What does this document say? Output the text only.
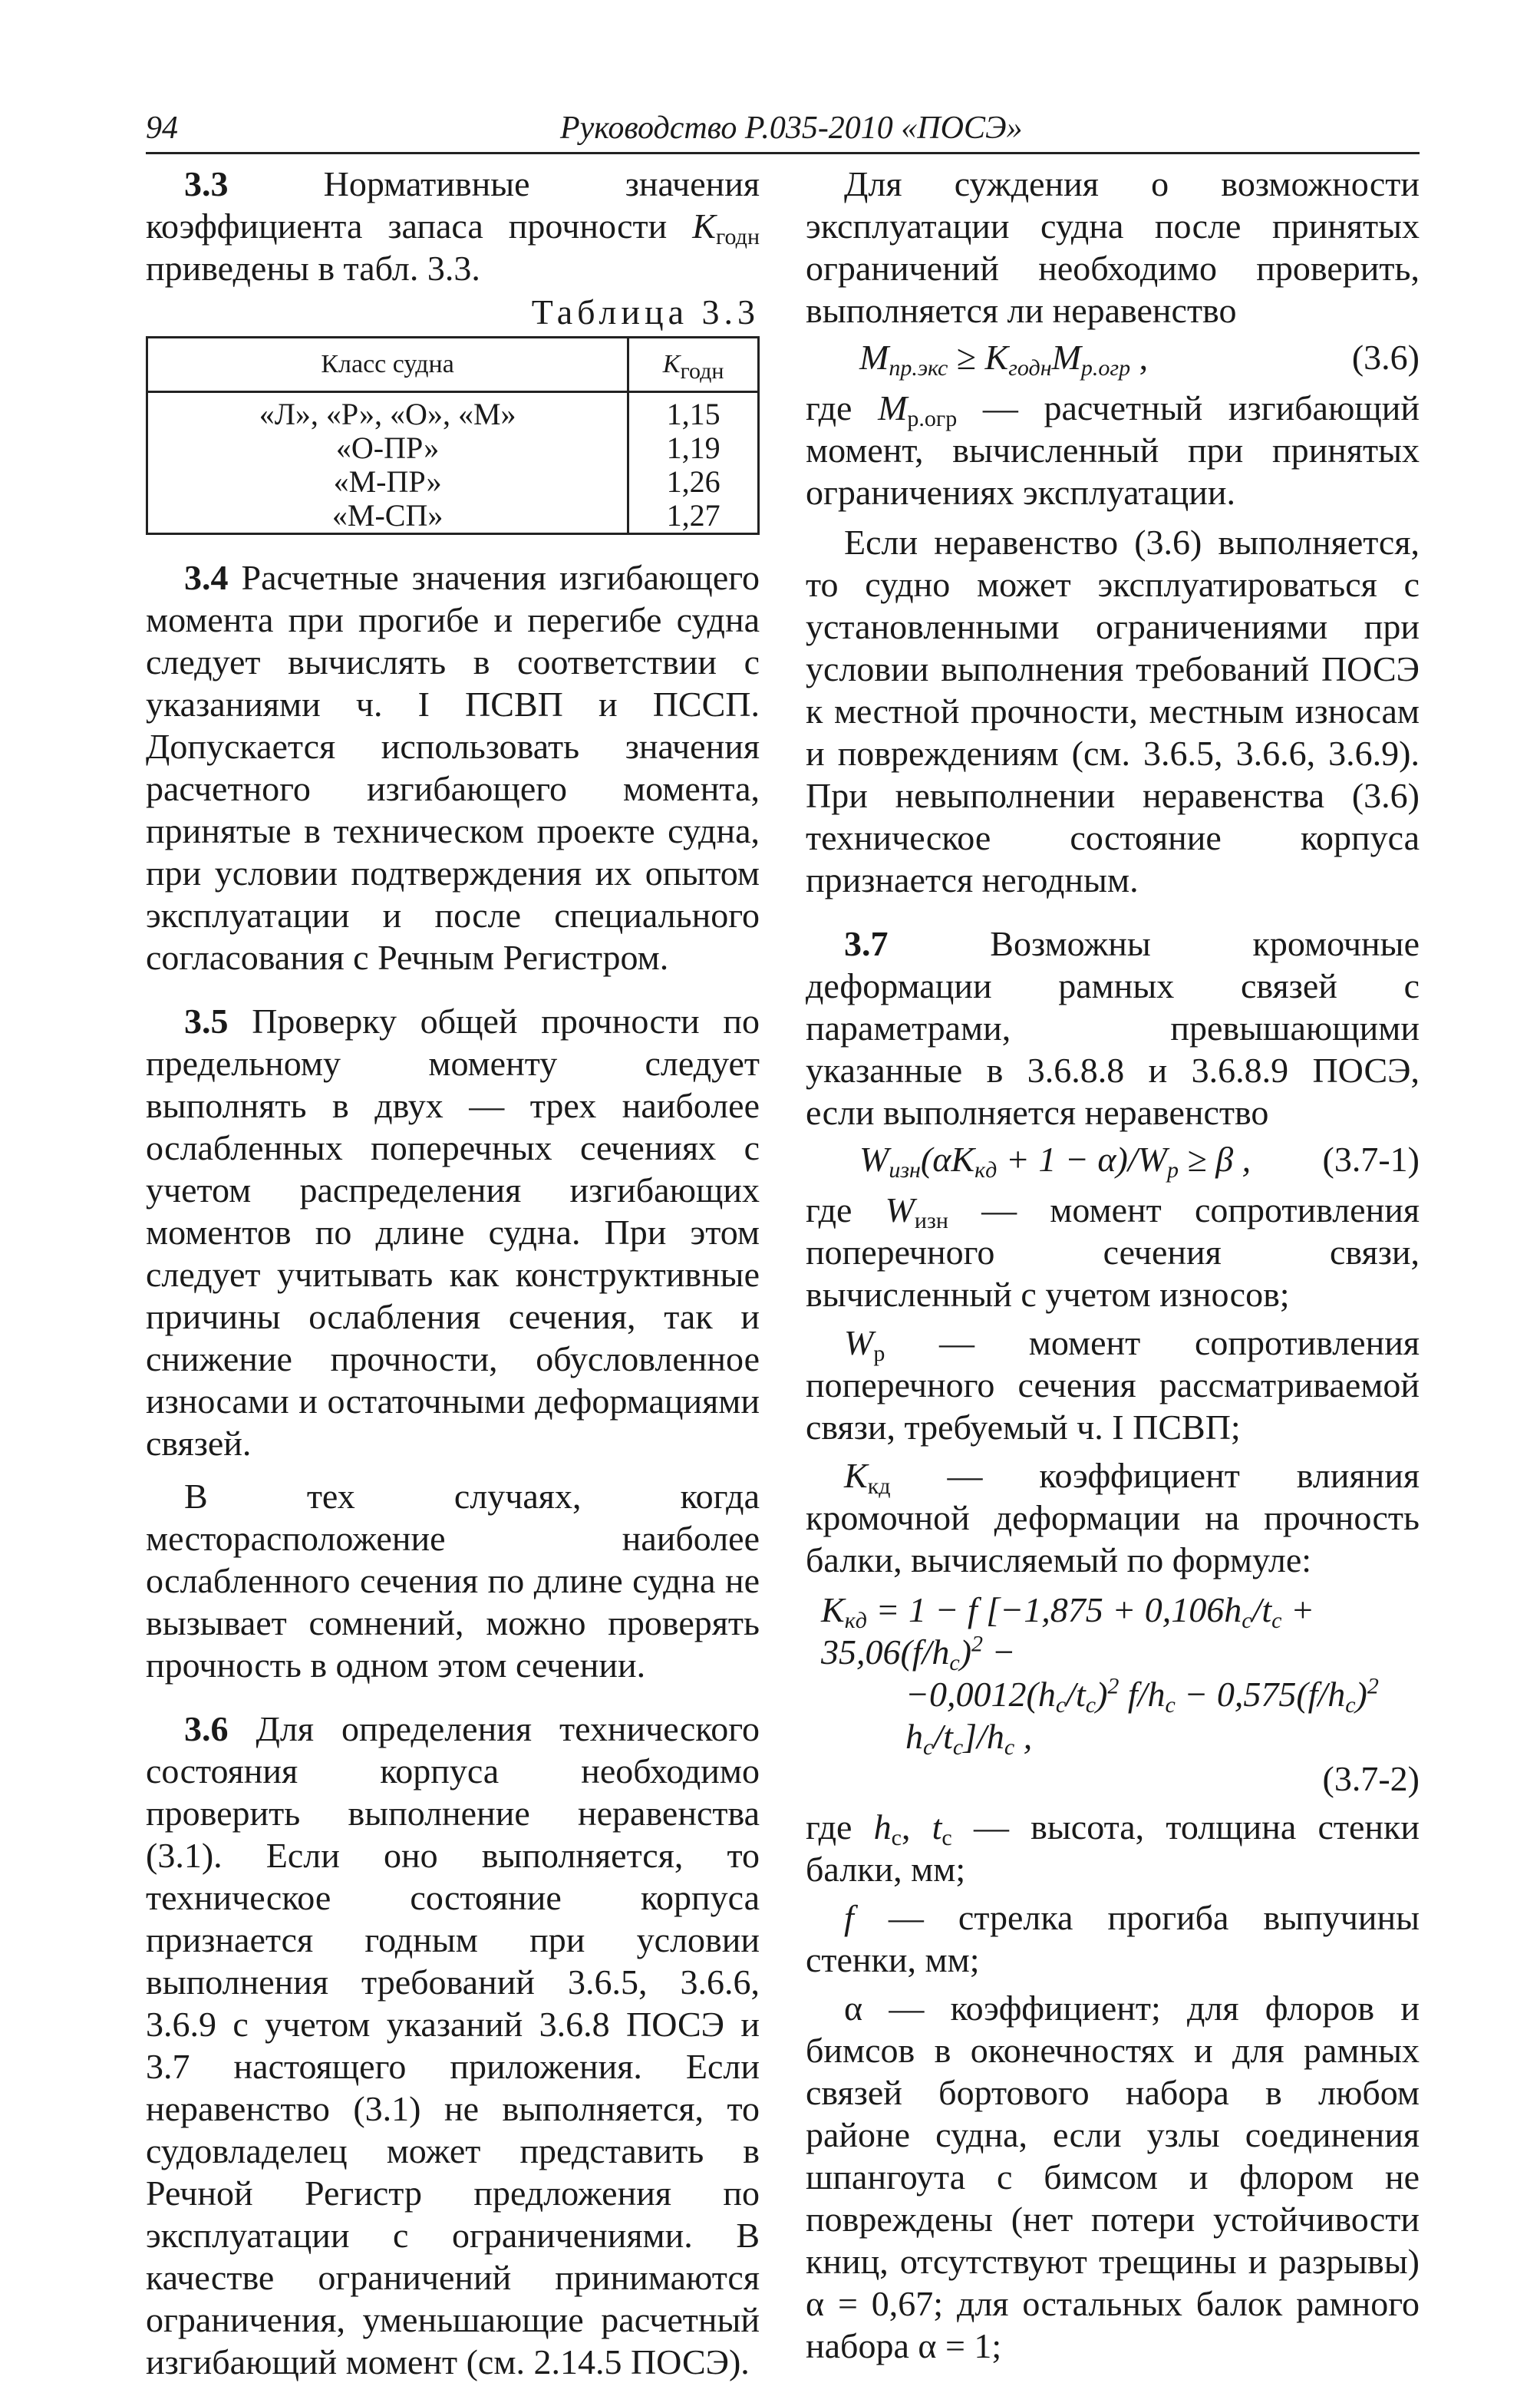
94	Руководство Р.035-2010 «ПОСЭ»

3.3 Нормативные значения коэффициента запаса прочности $K_{годн}$ приведены в табл. 3.3.

Таблица 3.3
Класс судна	$K_{годн}$
«Л», «Р», «О», «М»	1,15
«О-ПР»	1,19
«М-ПР»	1,26
«М-СП»	1,27

3.4 Расчетные значения изгибающего момента при прогибе и перегибе судна следует вычислять в соответствии с указаниями ч. I ПСВП и ПССП. Допускается использовать значения расчетного изгибающего момента, принятые в техническом проекте судна, при условии подтверждения их опытом эксплуатации и после специального согласования с Речным Регистром.

3.5 Проверку общей прочности по предельному моменту следует выполнять в двух — трех наиболее ослабленных поперечных сечениях с учетом распределения изгибающих моментов по длине судна. При этом следует учитывать как конструктивные причины ослабления сечения, так и снижение прочности, обусловленное износами и остаточными деформациями связей.

В тех случаях, когда месторасположение наиболее ослабленного сечения по длине судна не вызывает сомнений, можно проверять прочность в одном этом сечении.

3.6 Для определения технического состояния корпуса необходимо проверить выполнение неравенства (3.1). Если оно выполняется, то техническое состояние корпуса признается годным при условии выполнения требований 3.6.5, 3.6.6, 3.6.9 с учетом указаний 3.6.8 ПОСЭ и 3.7 настоящего приложения. Если неравенство (3.1) не выполняется, то судовладелец может представить в Речной Регистр предложения по эксплуатации с ограничениями. В качестве ограничений принимаются ограничения, уменьшающие расчетный изгибающий момент (см. 2.14.5 ПОСЭ).

Для суждения о возможности эксплуатации судна после принятых ограничений необходимо проверить, выполняется ли неравенство

$M_{пр.экс} \ge K_{годн}M_{р.огр}$ ,	(3.6)

где $M_{р.огр}$ — расчетный изгибающий момент, вычисленный при принятых ограничениях эксплуатации.

Если неравенство (3.6) выполняется, то судно может эксплуатироваться с установленными ограничениями при условии выполнения требований ПОСЭ к местной прочности, местным износам и повреждениям (см. 3.6.5, 3.6.6, 3.6.9). При невыполнении неравенства (3.6) техническое состояние корпуса признается негодным.

3.7 Возможны кромочные деформации рамных связей с параметрами, превышающими указанные в 3.6.8.8 и 3.6.8.9 ПОСЭ, если выполняется неравенство

$W_{изн}(\alpha K_{кд} + 1 - \alpha)/W_р \ge \beta$ , (3.7-1)

где $W_{изн}$ — момент сопротивления поперечного сечения связи, вычисленный с учетом износов;

$W_р$ — момент сопротивления поперечного сечения рассматриваемой связи, требуемый ч. I ПСВП;

$K_{кд}$ — коэффициент влияния кромочной деформации на прочность балки, вычисляемый по формуле:

$K_{кд} = 1 - f$ [$-1,875 + 0,106h_с/t_с + 35,06(f/h_с)^2$ −
$-0,0012(h_с/t_с)^2$ $f/h_с - 0,575(f/h_с)^2$ $h_с/t_с]/h_с$ ,
(3.7-2)

где $h_с$, $t_с$ — высота, толщина стенки балки, мм;

f — стрелка прогиба выпучины стенки, мм;

α — коэффициент; для флоров и бимсов в оконечностях и для рамных связей бортового набора в любом районе судна, если узлы соединения шпангоута с бимсом и флором не повреждены (нет потери устойчивости книц, отсутствуют трещины и разрывы) α = 0,67; для остальных балок рамного набора α = 1;
